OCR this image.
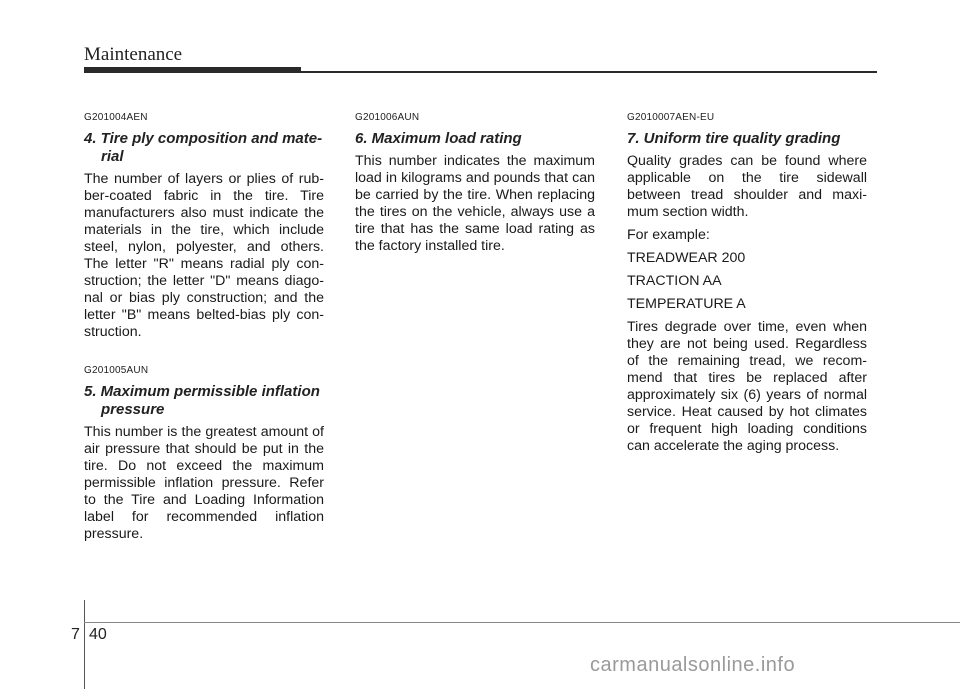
Maintenance

G201004AEN

4. Tire ply composition and mate-
rial

The number of layers or plies of rub-ber-coated fabric in the tire. Tire manufacturers also must indicate the materials in the tire, which include steel, nylon, polyester, and others. The letter "R" means radial ply con-struction; the letter "D" means diago-nal or bias ply construction; and the letter "B" means belted-bias ply con-struction.

G201005AUN

5. Maximum permissible inflation
pressure

This number is the greatest amount of air pressure that should be put in the tire. Do not exceed the maximum permissible inflation pressure. Refer to the Tire and Loading Information label for recommended inflation pressure.

G201006AUN

6. Maximum load rating

This number indicates the maximum load in kilograms and pounds that can be carried by the tire. When replacing the tires on the vehicle, always use a tire that has the same load rating as the factory installed tire.

G2010007AEN-EU

7. Uniform tire quality grading

Quality grades can be found where applicable on the tire sidewall between tread shoulder and maxi-mum section width.

For example:

TREADWEAR 200

TRACTION AA

TEMPERATURE A

Tires degrade over time, even when they are not being used. Regardless of the remaining tread, we recom-mend that tires be replaced after approximately six (6) years of normal service. Heat caused by hot climates or frequent high loading conditions can accelerate the aging process.

7 40
carmanualsonline.info
